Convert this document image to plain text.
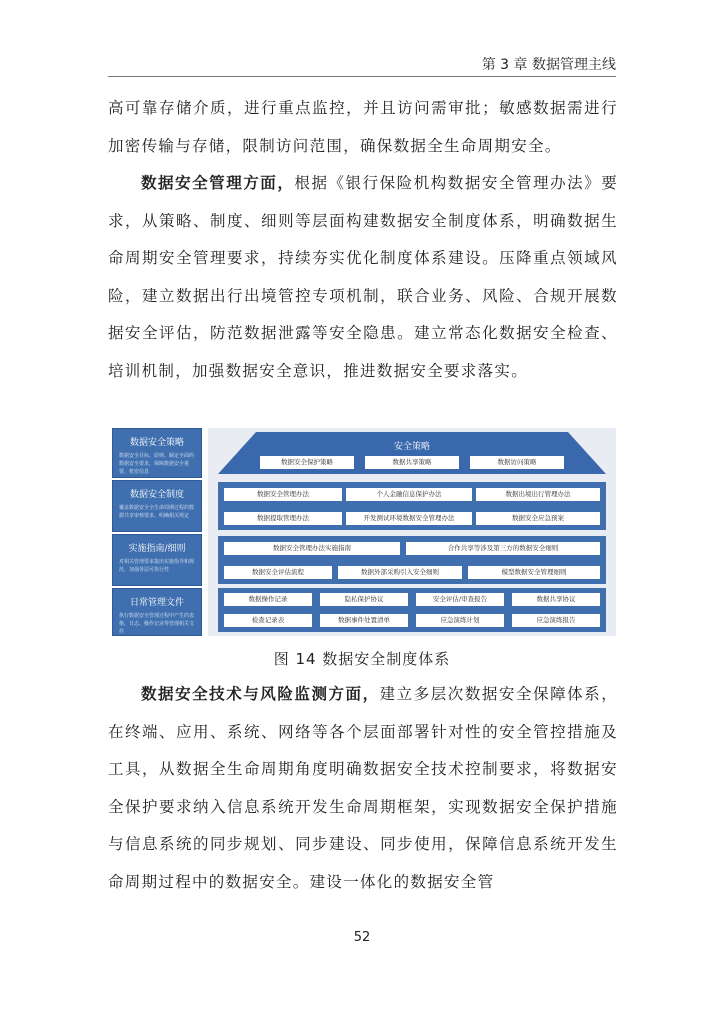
第 3 章 数据管理主线

高可靠存储介质，进行重点监控，并且访问需审批；敏感数据需进行加密传输与存储，限制访问范围，确保数据全生命周期安全。

数据安全管理方面，根据《银行保险机构数据安全管理办法》要求，从策略、制度、细则等层面构建数据安全制度体系，明确数据生命周期安全管理要求，持续夯实优化制度体系建设。压降重点领域风险，建立数据出行出境管控专项机制，联合业务、风险、合规开展数据安全评估，防范数据泄露等安全隐患。建立常态化数据安全检查、培训机制，加强数据安全意识，推进数据安全要求落实。

数据安全策略
数据安全目标、原则、制定全面的数据安全要求，保障数据安全重要、机密信息
数据安全制度
覆盖数据安全全生命周期过程的数据共享审核要求、明确相关规定
实施指南/细则
对相关管理要求提出实施指导和规范，加强各层可执行性
日常管理文件
执行数据安全管理过程中产生的表格、日志、操作记录等管理相关文件
安全策略
数据安全保护策略	数据共享策略	数据访问策略
数据安全管理办法	个人金融信息保护办法	数据出境出行管理办法
数据提取管理办法	开发测试环境数据安全管理办法	数据安全应急预案
数据安全管理办法实施指南	合作共享等涉及第三方的数据安全细则
数据安全评估流程	数据外部采购引入安全细则	模型数据安全管理细则
数据操作记录	隐私保护协议	安全评估/审查报告	数据共享协议
检查记录表	数据事件处置清单	应急演练计划	应急演练报告
图 14 数据安全制度体系

数据安全技术与风险监测方面，建立多层次数据安全保障体系，在终端、应用、系统、网络等各个层面部署针对性的安全管控措施及工具，从数据全生命周期角度明确数据安全技术控制要求，将数据安全保护要求纳入信息系统开发生命周期框架，实现数据安全保护措施与信息系统的同步规划、同步建设、同步使用，保障信息系统开发生命周期过程中的数据安全。建设一体化的数据安全管

52
